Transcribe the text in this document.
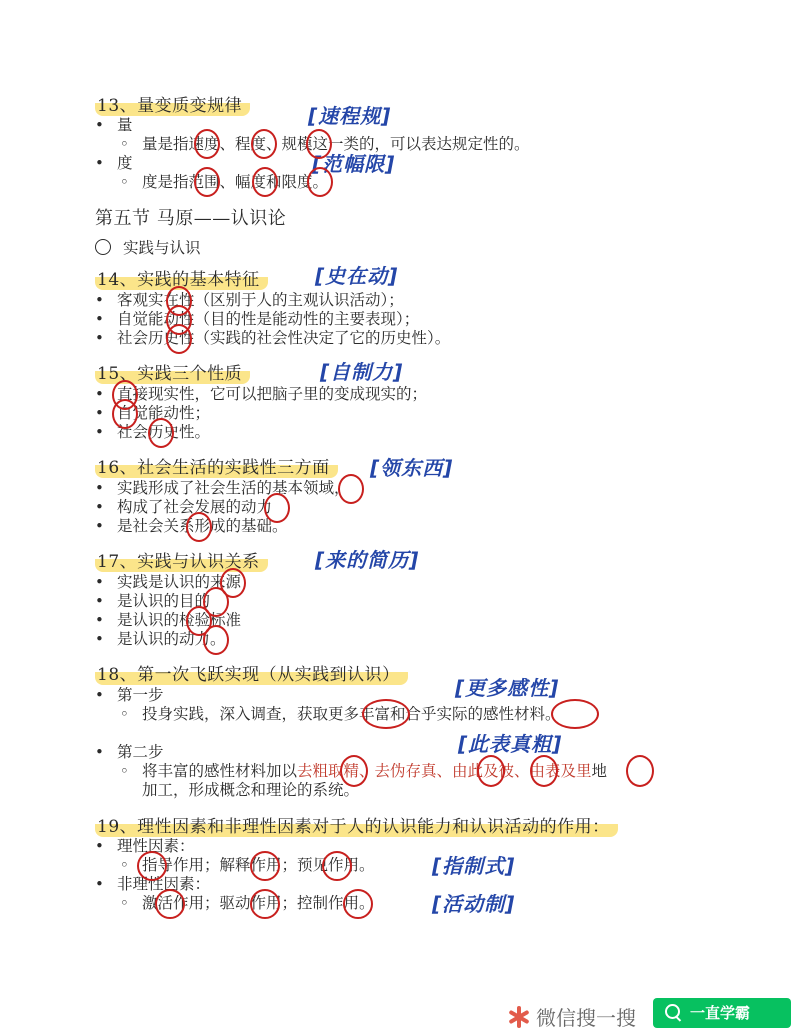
13、量变质变规律	[速程规]
• 量
◦ 量是指速度、程度、规模这一类的，可以表达规定性的。
[范幅限]
• 度
◦ 度是指范围、幅度和限度。
第五节 马原——认识论
实践与认识
14、实践的基本特征	[史在动]
• 客观实在性（区别于人的主观认识活动）；
• 自觉能动性（目的性是能动性的主要表现）；
• 社会历史性（实践的社会性决定了它的历史性）。
15、实践三个性质	[自制力]
• 直接现实性，它可以把脑子里的变成现实的；
• 自觉能动性；
• 社会历史性。
16、社会生活的实践性三方面	[领东西]
• 实践形成了社会生活的基本领域，
• 构成了社会发展的动力
• 是社会关系形成的基础。
17、实践与认识关系	[来的简历]
• 实践是认识的来源
• 是认识的目的
• 是认识的检验标准
• 是认识的动力。
18、第一次飞跃实现（从实践到认识）
[更多感性]
• 第一步
◦ 投身实践，深入调查，获取更多丰富和合乎实际的感性材料。
[此表真粗]
• 第二步
◦ 将丰富的感性材料加以去粗取精、去伪存真、由此及彼、由表及里地
加工，形成概念和理论的系统。
19、理性因素和非理性因素对于人的认识能力和认识活动的作用：
• 理性因素：
◦ 指导作用；解释作用；预见作用。	[指制式]
• 非理性因素：
◦ 激活作用；驱动作用；控制作用。	[活动制]
微信搜一搜	一直学霸
